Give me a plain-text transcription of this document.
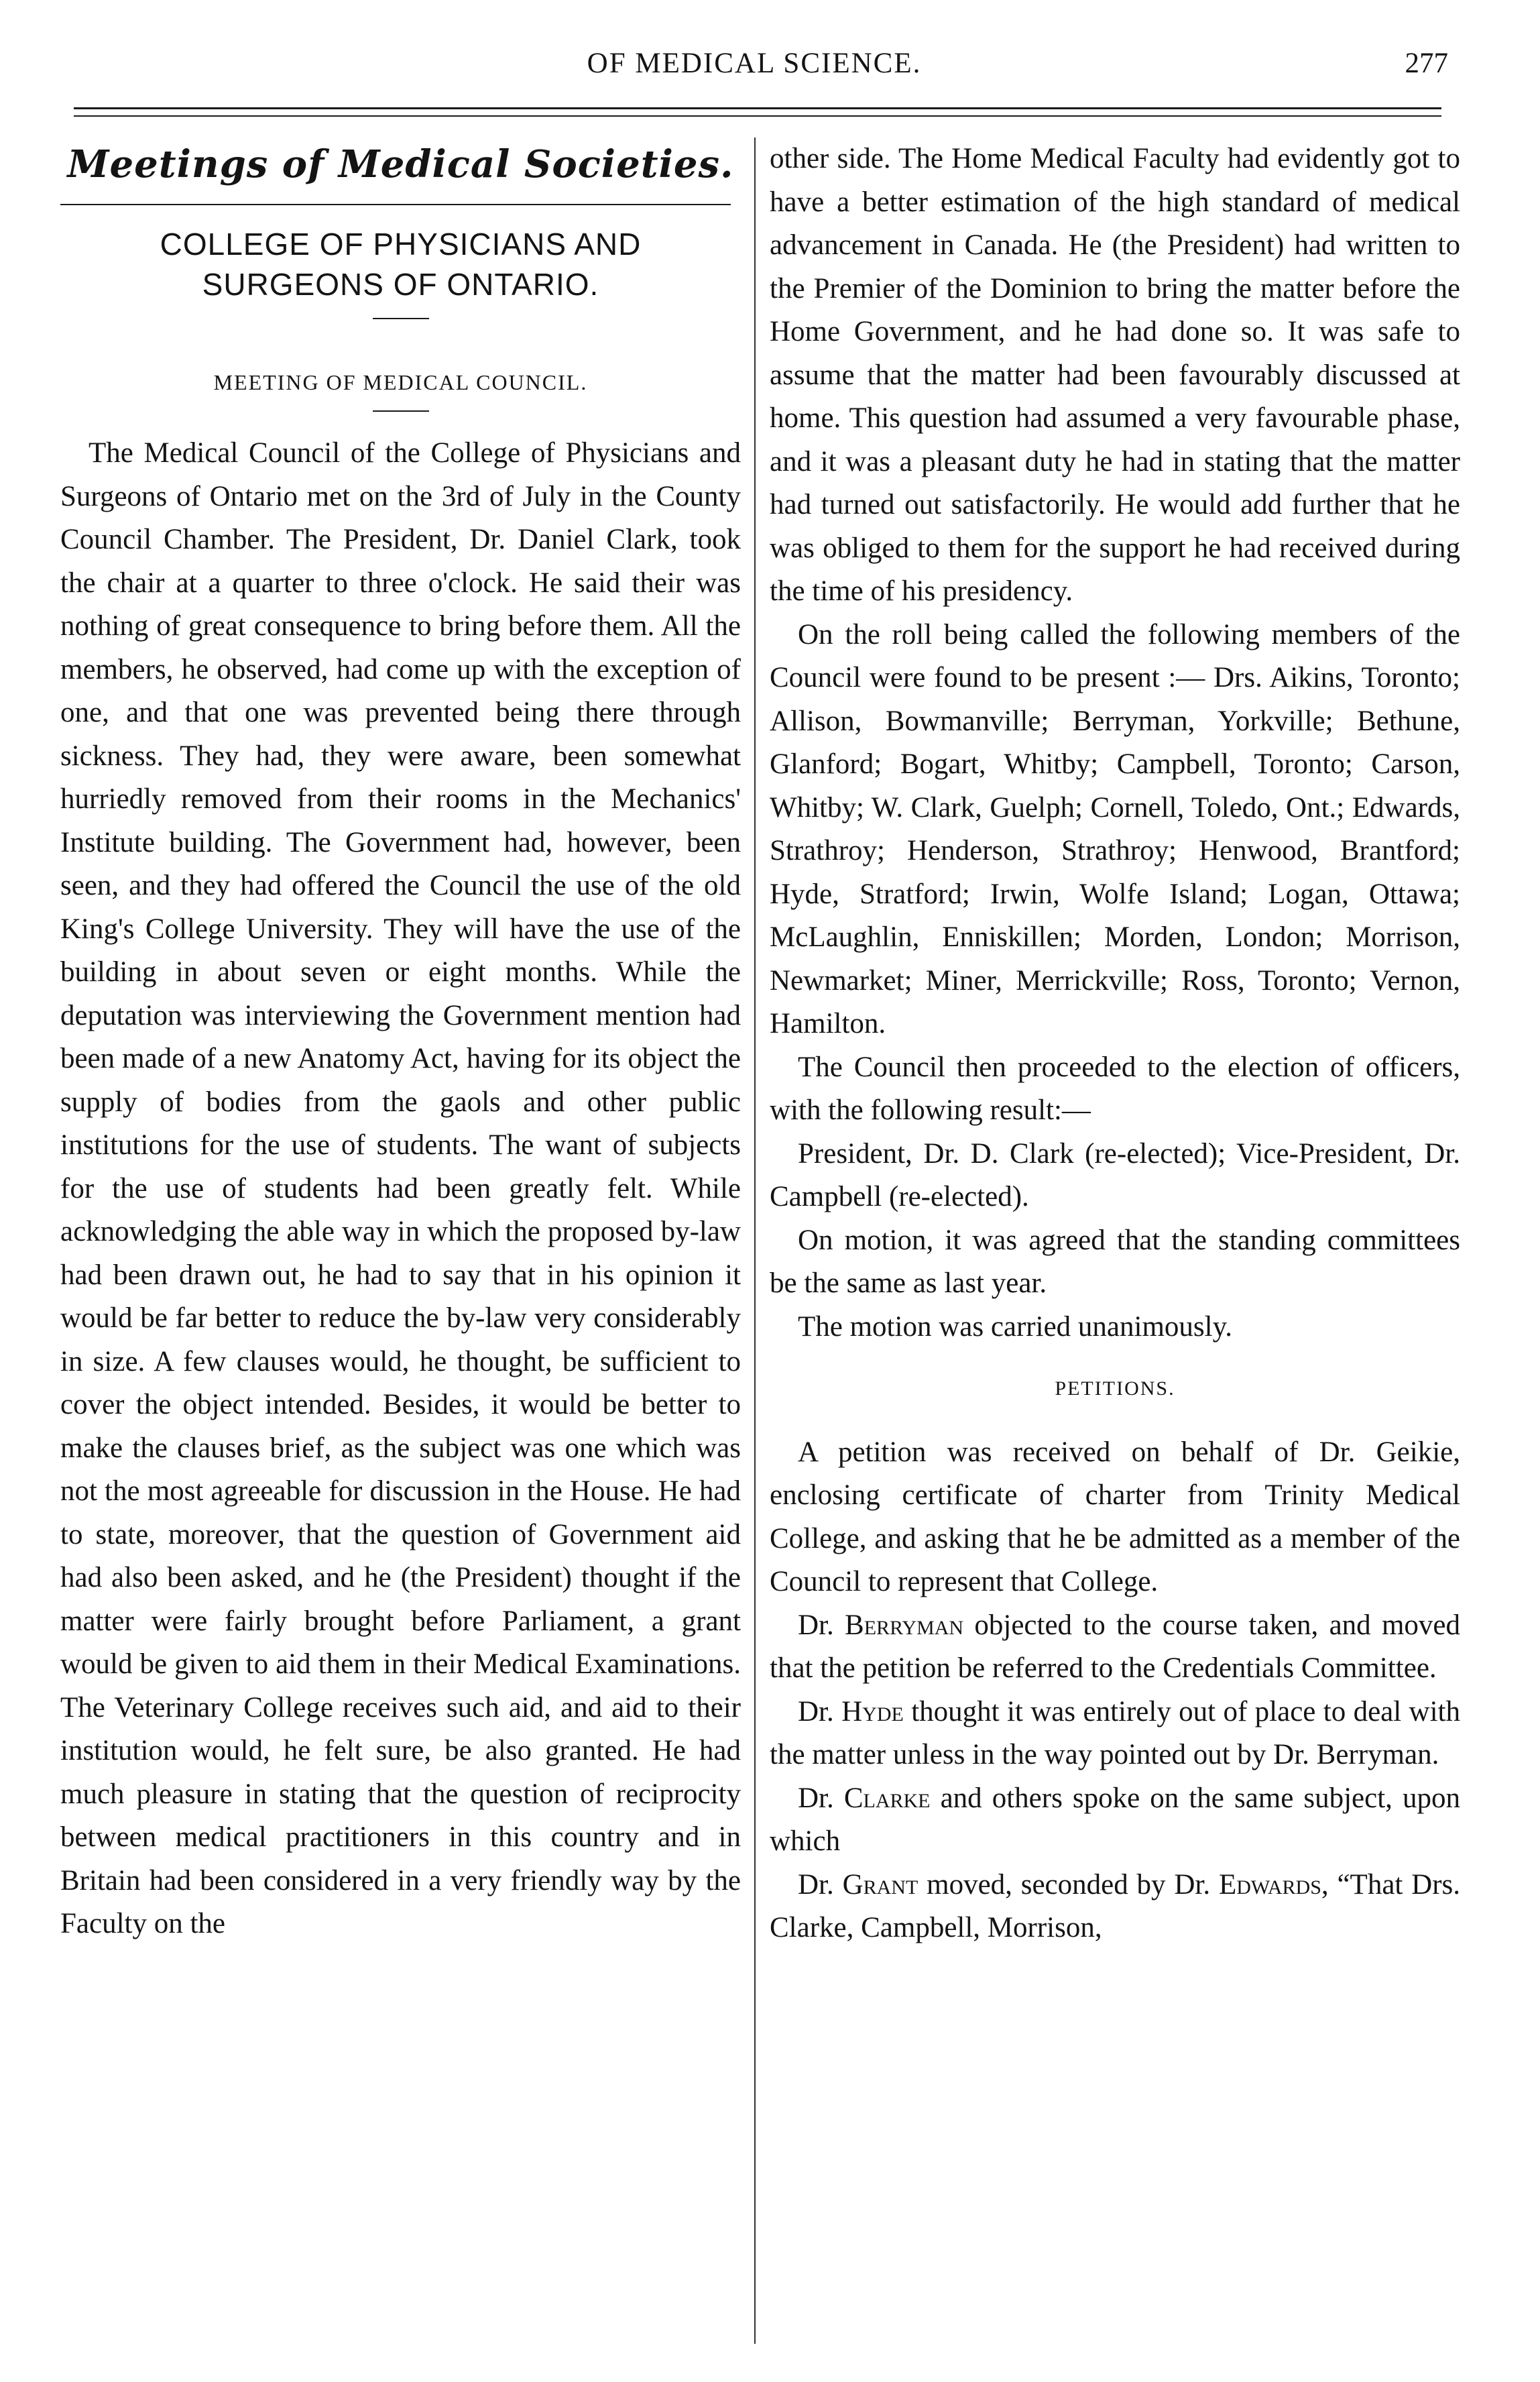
OF MEDICAL SCIENCE.	277
Meetings of Medical Societies.
COLLEGE OF PHYSICIANS AND
SURGEONS OF ONTARIO.
MEETING OF MEDICAL COUNCIL.

The Medical Council of the College of Physicians and Surgeons of Ontario met on the 3rd of July in the County Council Chamber. The President, Dr. Daniel Clark, took the chair at a quarter to three o'clock. He said their was nothing of great consequence to bring before them. All the members, he observed, had come up with the exception of one, and that one was prevented being there through sickness. They had, they were aware, been somewhat hurriedly removed from their rooms in the Mechanics' Institute building. The Government had, however, been seen, and they had offered the Council the use of the old King's College University. They will have the use of the building in about seven or eight months. While the deputation was interviewing the Government mention had been made of a new Anatomy Act, having for its object the supply of bodies from the gaols and other public institutions for the use of students. The want of subjects for the use of students had been greatly felt. While acknowledging the able way in which the proposed by-law had been drawn out, he had to say that in his opinion it would be far better to reduce the by-law very considerably in size. A few clauses would, he thought, be sufficient to cover the object intended. Besides, it would be better to make the clauses brief, as the subject was one which was not the most agreeable for discussion in the House. He had to state, moreover, that the question of Government aid had also been asked, and he (the President) thought if the matter were fairly brought before Parliament, a grant would be given to aid them in their Medical Examinations. The Veterinary College receives such aid, and aid to their institution would, he felt sure, be also granted. He had much pleasure in stating that the question of reciprocity between medical practitioners in this country and in Britain had been considered in a very friendly way by the Faculty on the

other side. The Home Medical Faculty had evidently got to have a better estimation of the high standard of medical advancement in Canada. He (the President) had written to the Premier of the Dominion to bring the matter before the Home Government, and he had done so. It was safe to assume that the matter had been favourably discussed at home. This question had assumed a very favourable phase, and it was a pleasant duty he had in stating that the matter had turned out satisfactorily. He would add further that he was obliged to them for the support he had received during the time of his presidency.

On the roll being called the following members of the Council were found to be present :— Drs. Aikins, Toronto; Allison, Bowmanville; Berryman, Yorkville; Bethune, Glanford; Bogart, Whitby; Campbell, Toronto; Carson, Whitby; W. Clark, Guelph; Cornell, Toledo, Ont.; Edwards, Strathroy; Henderson, Strathroy; Henwood, Brantford; Hyde, Stratford; Irwin, Wolfe Island; Logan, Ottawa; McLaughlin, Enniskillen; Morden, London; Morrison, Newmarket; Miner, Merrickville; Ross, Toronto; Vernon, Hamilton.

The Council then proceeded to the election of officers, with the following result:—

President, Dr. D. Clark (re-elected); Vice-President, Dr. Campbell (re-elected).

On motion, it was agreed that the standing committees be the same as last year.

The motion was carried unanimously.

PETITIONS.

A petition was received on behalf of Dr. Geikie, enclosing certificate of charter from Trinity Medical College, and asking that he be admitted as a member of the Council to represent that College.

Dr. Berryman objected to the course taken, and moved that the petition be referred to the Credentials Committee.

Dr. Hyde thought it was entirely out of place to deal with the matter unless in the way pointed out by Dr. Berryman.

Dr. Clarke and others spoke on the same subject, upon which

Dr. Grant moved, seconded by Dr. Edwards, “That Drs. Clarke, Campbell, Morrison,
